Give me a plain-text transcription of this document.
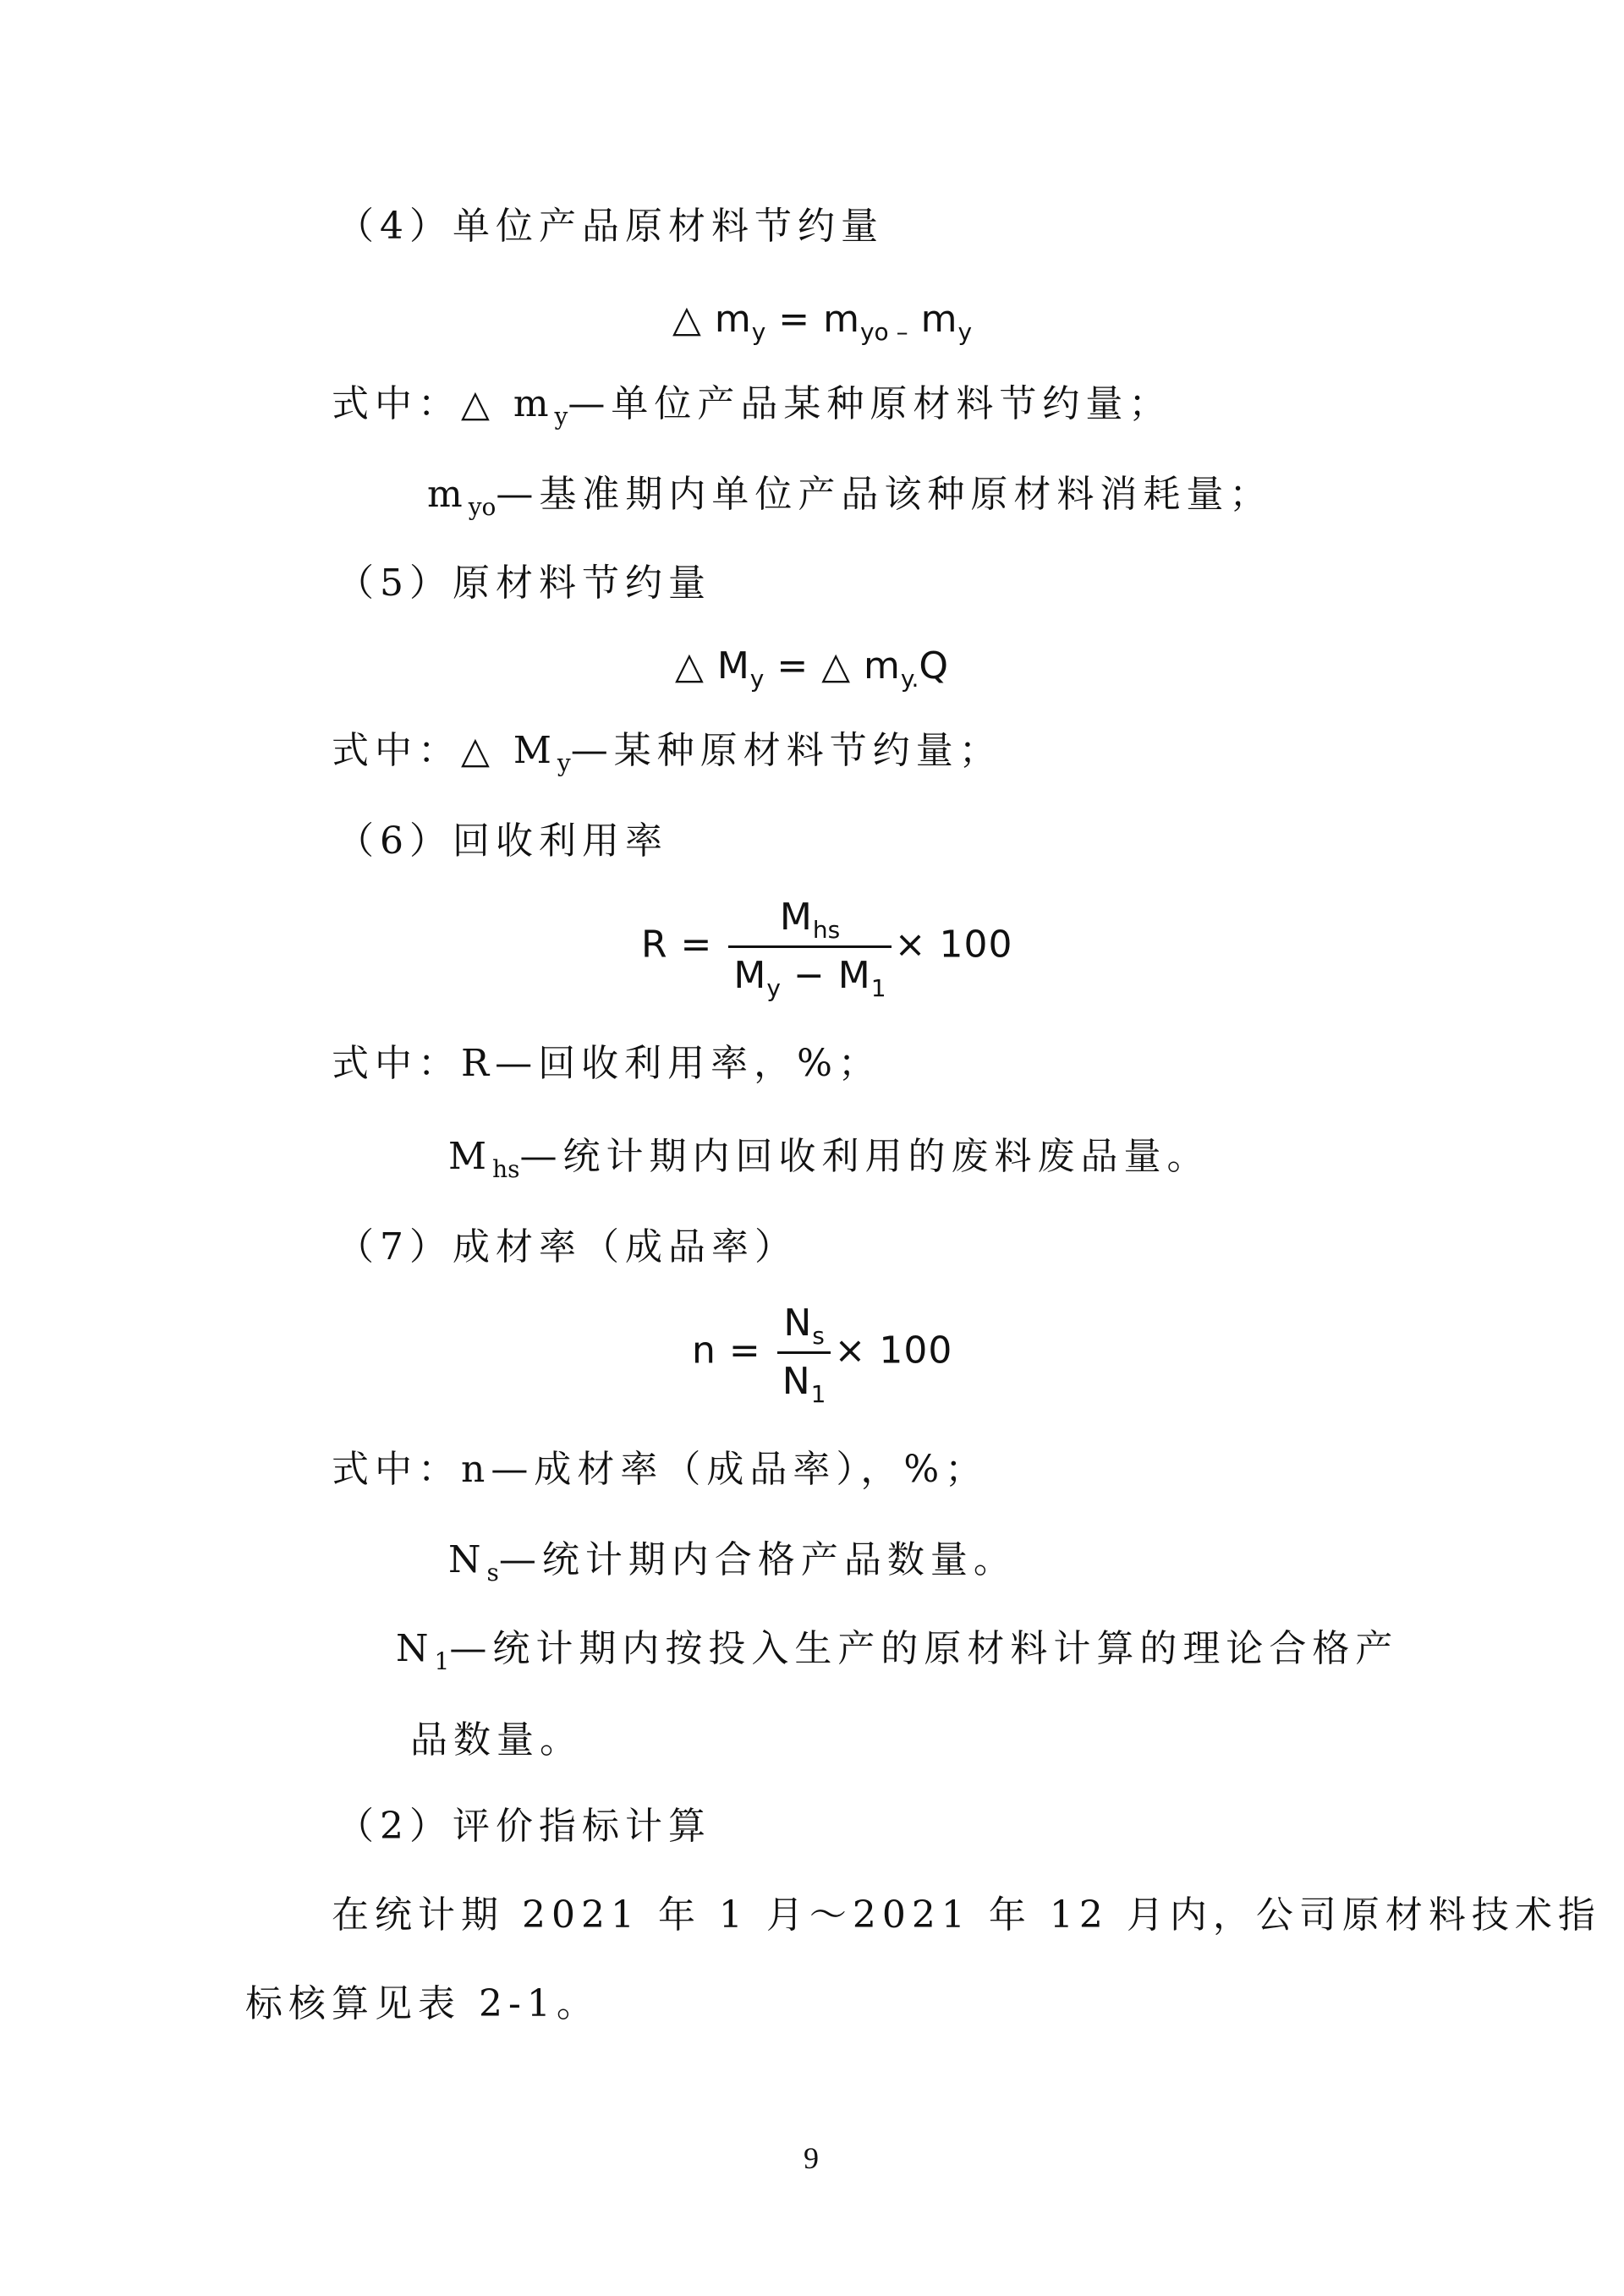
（4）单位产品原材料节约量
△ $m_y = m_{yo -}$ $m_y$
式中：△ $m_y—$单位产品某种原材料节约量；
$m_{yo}—$基准期内单位产品该种原材料消耗量；
（5）原材料节约量
△ $M_y$ = △ $m_{y.}Q$
式中：△ $M_y—$某种原材料节约量；
（6）回收利用率
$R = \frac{M_{hs}}{M_y - M_1} \times 100$
式中：R—回收利用率，%；
$M_{hs}—$统计期内回收利用的废料废品量。
（7）成材率（成品率）
$n = \frac{N_s}{N_1} \times 100$
式中：n—成材率（成品率），%；
$N_s—$统计期内合格产品数量。
$N_1—$统计期内按投入生产的原材料计算的理论合格产
品数量。
（2）评价指标计算
在统计期 2021 年 1 月～2021 年 12 月内，公司原材料技术指
标核算见表 2-1。
9
